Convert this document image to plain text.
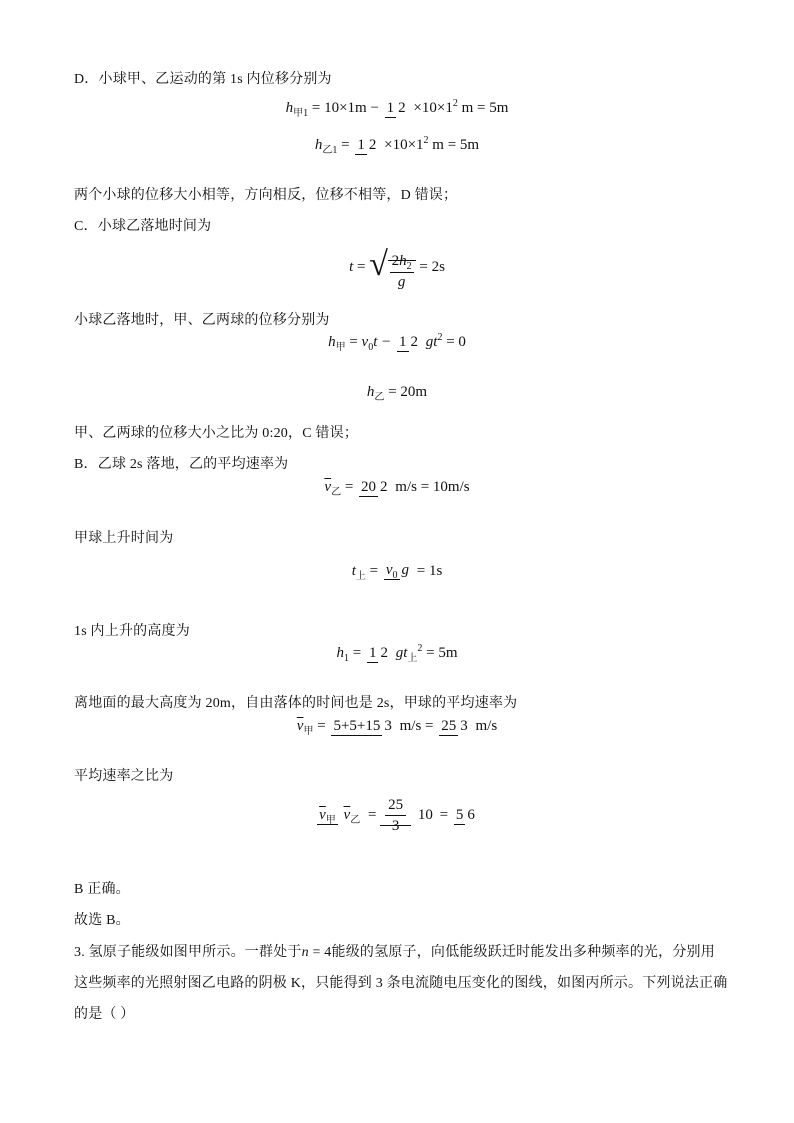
D．小球甲、乙运动的第 1s 内位移分别为
$h_{甲1} = 10\times 1m - 1$ $2 \times 10\times 1^2$ m = 5m
$h_{乙1} = 1$ $2 \times 10\times 1^2$ m = 5m
两个小球的位移大小相等，方向相反，位移不相等，D 错误；
C．小球乙落地时间为
t = √ $\frac{2h_2}{g} = 2s$
小球乙落地时，甲、乙两球的位移分别为
$h_甲 = v_0t - 1$ 2 $gt^2 = 0$
$h_乙 = 20m$
甲、乙两球的位移大小之比为 0:20，C 错误；
B．乙球 2s 落地，乙的平均速率为
$\overline{v}_乙 = 20$ 2 m/s = 10m/s
甲球上升时间为
$t_上 = v_0$ g = 1s
1s 内上升的高度为
$h_1 = 1$ 2 $gt_上^2 = 5m$
离地面的最大高度为 20m，自由落体的时间也是 2s，甲球的平均速率为
$\overline{v}_甲 = 5+5+15$ 3 m/s = 25 3 m/s
平均速率之比为
$\overline{v}_甲$ $\overline{v}_乙 = \frac{25}{3} 10 = 5$ 6
B 正确。
故选 B。
3. 氢原子能级如图甲所示。一群处于n = 4能级的氢原子，向低能级跃迁时能发出多种频率的光，分别用
这些频率的光照射图乙电路的阴极 K，只能得到 3 条电流随电压变化的图线，如图丙所示。下列说法正确
的是（ ）
